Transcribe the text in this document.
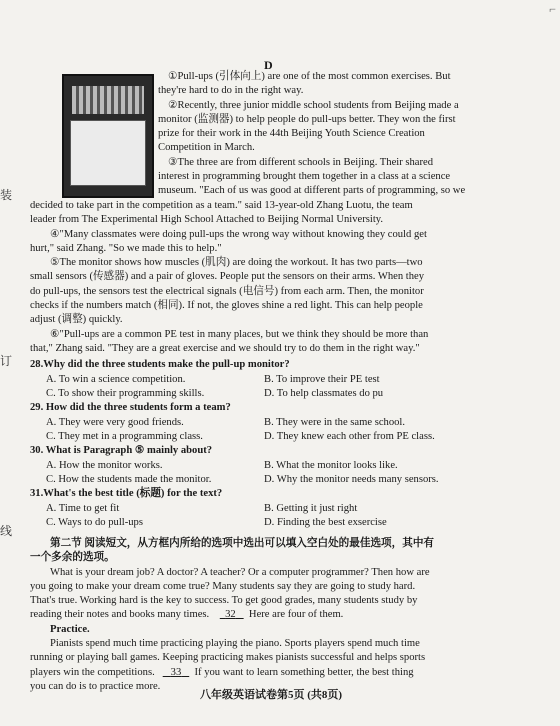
⌐
装
订
线
D
①Pull-ups (引体向上) are one of the most common exercises. But
they're hard to do in the right way.
②Recently, three junior middle school students from Beijing made a
monitor (监测器) to help people do pull-ups better. They won the first
prize for their work in the 44th Beijing Youth Science Creation
Competition in March.
③The three are from different schools in Beijing. Their shared
interest in programming brought them together in a class at a science
museum. "Each of us was good at different parts of programming, so we
decided to take part in the competition as a team." said 13-year-old Zhang Luotu, the team
leader from The Experimental High School Attached to Beijing Normal University.
④"Many classmates were doing pull-ups the wrong way without knowing they could get
hurt," said Zhang. "So we made this to help."
⑤The monitor shows how muscles (肌肉) are doing the workout. It has two parts—two
small sensors (传感器) and a pair of gloves. People put the sensors on their arms. When they
do pull-ups, the sensors test the electrical signals (电信号) from each arm. Then, the monitor
checks if the numbers match (相同). If not, the gloves shine a red light. This can help people
adjust (调整) quickly.
⑥"Pull-ups are a common PE test in many places, but we think they should be more than
that," Zhang said. "They are a great exercise and we should try to do them in the right way."
28.Why did the three students make the pull-up monitor?
A. To win a science competition.	B. To improve their PE test
C. To show their programming skills.	D. To help classmates do pu
29. How did the three students form a team?
A. They were very good friends.	B. They were in the same school.
C. They met in a programming class.	D. They knew each other from PE class.
30. What is Paragraph ⑤ mainly about?
A. How the monitor works.	B. What the monitor looks like.
C. How the students made the monitor.	D. Why the monitor needs many sensors.
31.What's the best title (标题) for the text?
A. Time to get fit	B. Getting it just right
C. Ways to do pull-ups	D. Finding the best exsercise
第二节 阅读短文，从方框内所给的选项中选出可以填入空白处的最佳选项，其中有
一个多余的选项。
What is your dream job? A doctor? A teacher? Or a computer programmer? Then how are
you going to make your dream come true? Many students say they are going to study hard.
That's true. Working hard is the key to success. To get good grades, many students study by
reading their notes and books many times. 32 Here are four of them.
Practice.
Pianists spend much time practicing playing the piano. Sports players spend much time
running or playing ball games. Keeping practicing makes pianists successful and helps sports
players win the competitions. 33 If you want to learn something better, the best thing
you can do is to practice more.
八年级英语试卷第5页 (共8页)
